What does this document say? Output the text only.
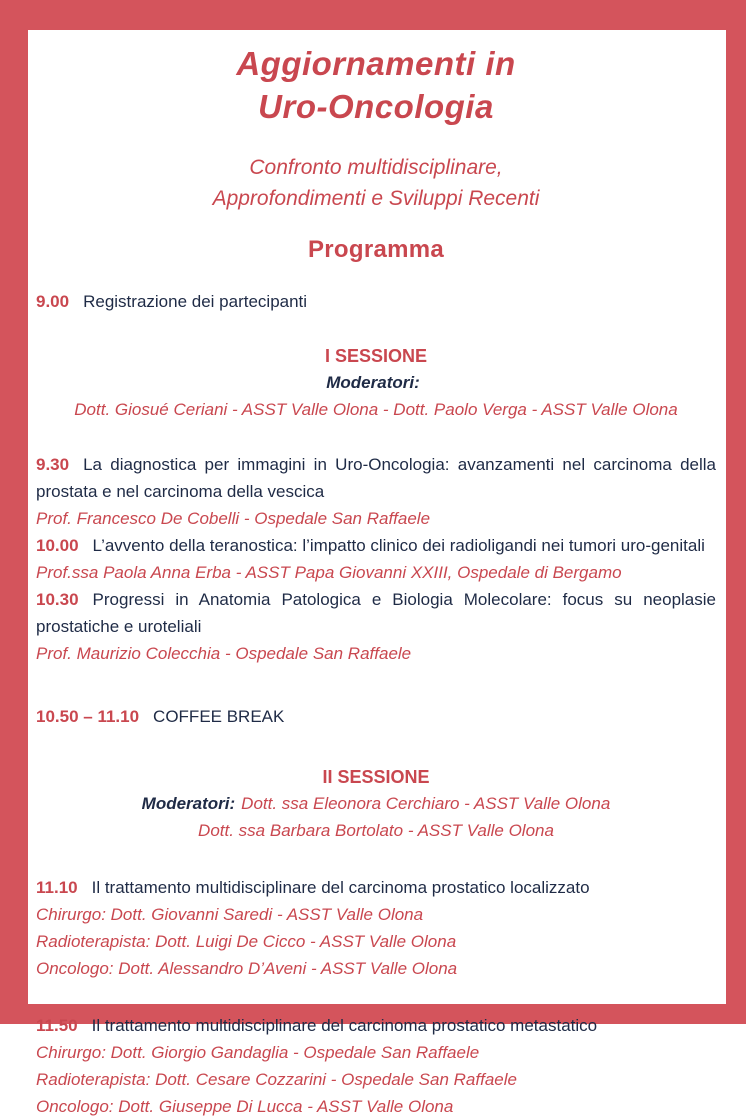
Aggiornamenti in
Uro-Oncologia
Confronto multidisciplinare,
Approfondimenti e Sviluppi Recenti
Programma

9.00 Registrazione dei partecipanti

I SESSIONE
Moderatori:
Dott. Giosué Ceriani - ASST Valle Olona - Dott. Paolo Verga - ASST Valle Olona

9.30 La diagnostica per immagini in Uro-Oncologia: avanzamenti nel carcinoma della prostata e nel carcinoma della vescica

Prof. Francesco De Cobelli - Ospedale San Raffaele

10.00 L’avvento della teranostica: l’impatto clinico dei radioligandi nei tumori uro-genitali

Prof.ssa Paola Anna Erba - ASST Papa Giovanni XXIII, Ospedale di Bergamo

10.30 Progressi in Anatomia Patologica e Biologia Molecolare: focus su neoplasie prostatiche e uroteliali

Prof. Maurizio Colecchia - Ospedale San Raffaele

10.50 – 11.10 COFFEE BREAK

II SESSIONE
Moderatori: Dott. ssa Eleonora Cerchiaro - ASST Valle Olona
Dott. ssa Barbara Bortolato - ASST Valle Olona

11.10 Il trattamento multidisciplinare del carcinoma prostatico localizzato

Chirurgo: Dott. Giovanni Saredi - ASST Valle Olona

Radioterapista: Dott. Luigi De Cicco - ASST Valle Olona

Oncologo: Dott. Alessandro D’Aveni - ASST Valle Olona

11.50 Il trattamento multidisciplinare del carcinoma prostatico metastatico

Chirurgo: Dott. Giorgio Gandaglia - Ospedale San Raffaele

Radioterapista: Dott. Cesare Cozzarini - Ospedale San Raffaele

Oncologo: Dott. Giuseppe Di Lucca - ASST Valle Olona
